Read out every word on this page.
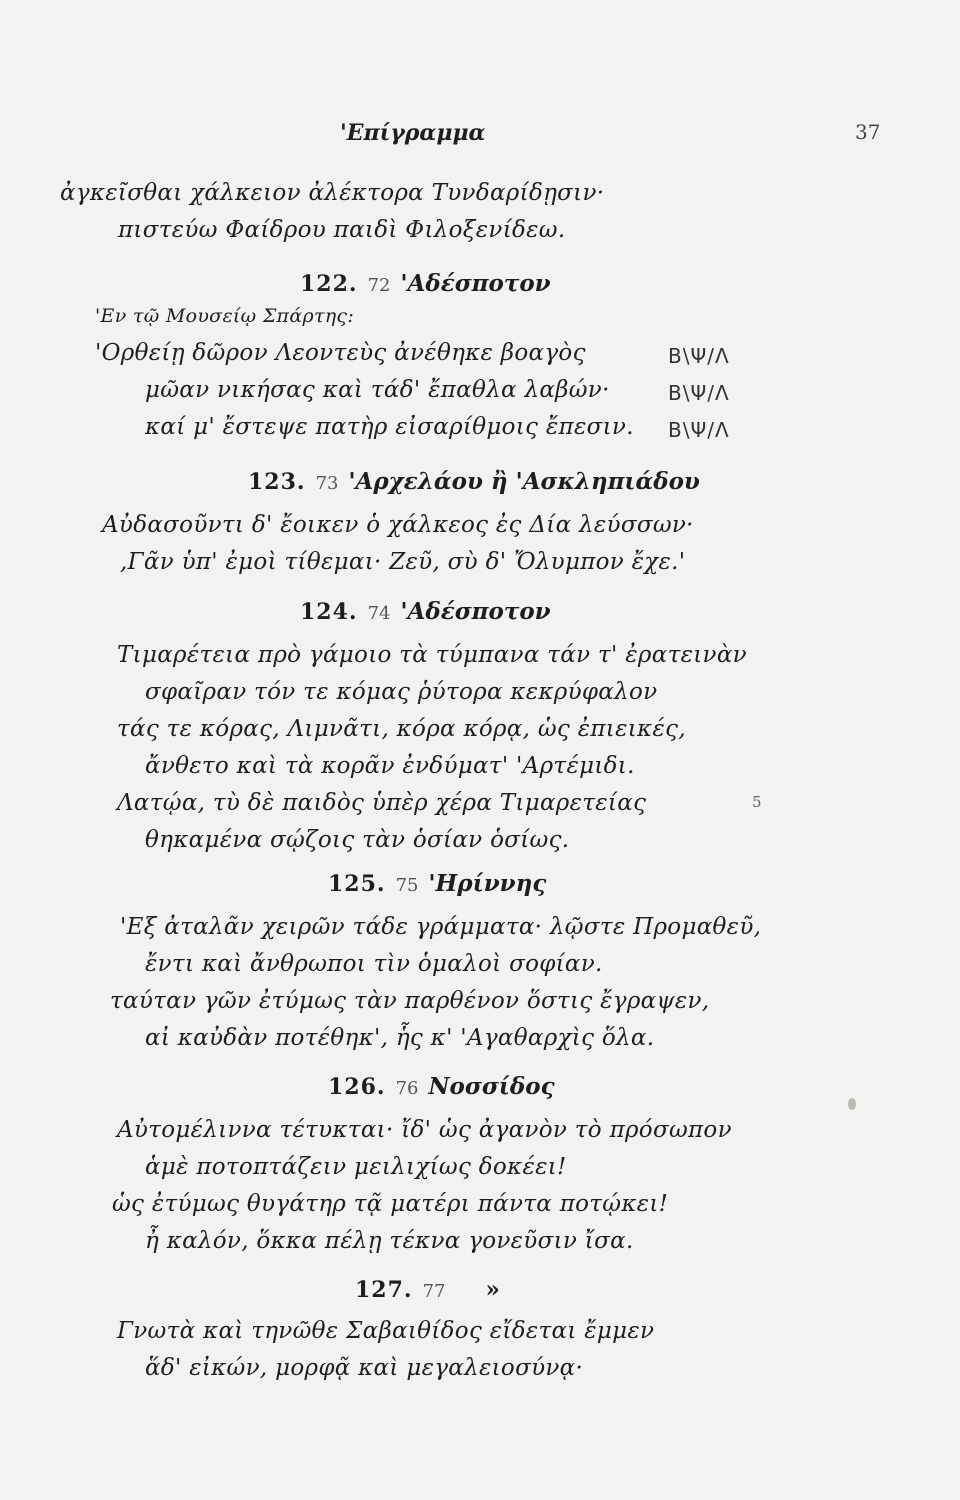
'Επίγραμμα	37
ἀγκεῖσθαι χάλκειον ἀλέκτορα Τυνδαρίδῃσιν·
πιστεύω Φαίδρου παιδὶ Φιλοξενίδεω.
122. 72 'Αδέσποτον
'Εν τῷ Μουσείῳ Σπάρτης:
'Ορθείῃ δῶρον Λεοντεὺς ἀνέθηκε βοαγὸς
μῶαν νικήσας καὶ τάδ' ἔπαθλα λαβών·
καί μ' ἔστεψε πατὴρ εἰσαρίθμοις ἔπεσιν.
Β\Ψ/Λ
Β\Ψ/Λ
Β\Ψ/Λ
123. 73 'Αρχελάου ἢ 'Ασκληπιάδου
Αὐδασοῦντι δ' ἔοικεν ὁ χάλκεος ἐς Δία λεύσσων·
,Γᾶν ὑπ' ἐμοὶ τίθεμαι· Ζεῦ, σὺ δ' Ὄλυμπον ἔχε.'
124. 74 'Αδέσποτον
Τιμαρέτεια πρὸ γάμοιο τὰ τύμπανα τάν τ' ἐρατεινὰν
σφαῖραν τόν τε κόμας ῥύτορα κεκρύφαλον
τάς τε κόρας, Λιμνᾶτι, κόρα κόρᾳ, ὡς ἐπιεικές,
ἄνθετο καὶ τὰ κορᾶν ἐνδύματ' 'Αρτέμιδι.
Λατῴα, τὺ δὲ παιδὸς ὑπὲρ χέρα Τιμαρετείας
θηκαμένα σῴζοις τὰν ὁσίαν ὁσίως.
5
125. 75 'Ηρίννης
'Εξ ἀταλᾶν χειρῶν τάδε γράμματα· λῷστε Προμαθεῦ,
ἔντι καὶ ἄνθρωποι τὶν ὁμαλοὶ σοφίαν.
ταύταν γῶν ἐτύμως τὰν παρθένον ὅστις ἔγραψεν,
αἰ καὐδὰν ποτέθηκ', ἧς κ' 'Αγαθαρχὶς ὅλα.
126. 76 Νοσσίδος
Αὐτομέλιννα τέτυκται· ἴδ' ὡς ἀγανὸν τὸ πρόσωπον
ἁμὲ ποτοπτάζειν μειλιχίως δοκέει!
ὡς ἐτύμως θυγάτηρ τᾷ ματέρι πάντα ποτῴκει!
ἦ καλόν, ὅκκα πέλῃ τέκνα γονεῦσιν ἴσα.
127. 77 »
Γνωτὰ καὶ τηνῶθε Σαβαιθίδος εἴδεται ἔμμεν
ἅδ' εἰκών, μορφᾷ καὶ μεγαλειοσύνᾳ·
